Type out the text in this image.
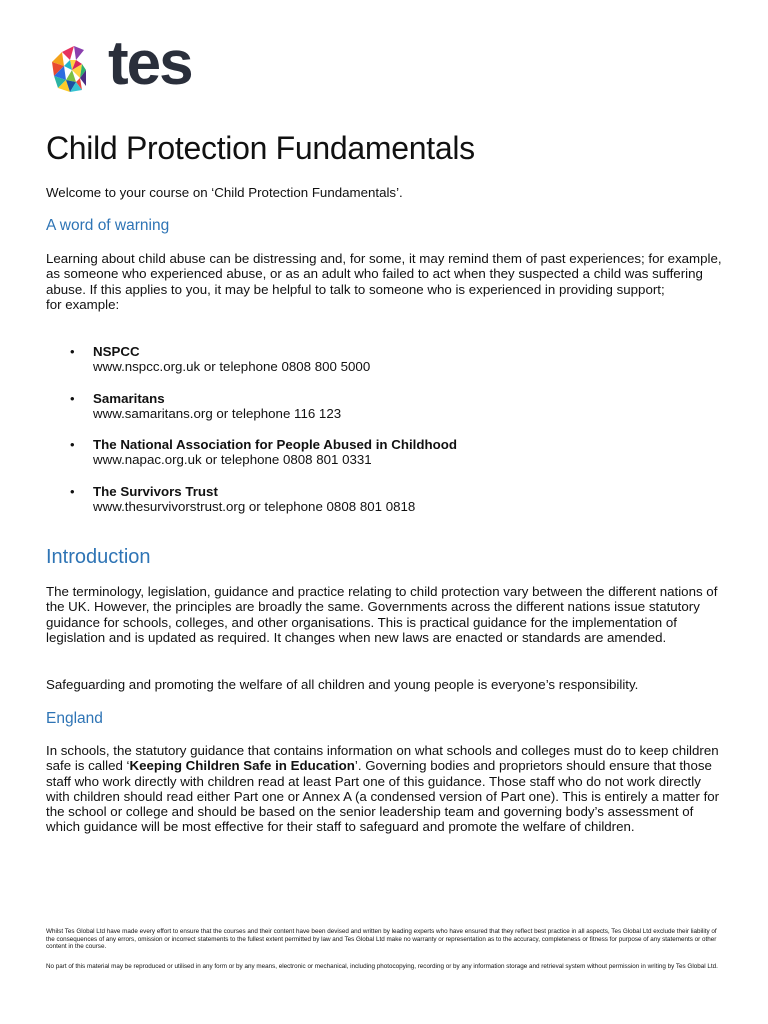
tes
Child Protection Fundamentals

Welcome to your course on ‘Child Protection Fundamentals’.

A word of warning

Learning about child abuse can be distressing and, for some, it may remind them of past experiences; for example, as someone who experienced abuse, or as an adult who failed to act when they suspected a child was suffering abuse. If this applies to you, it may be helpful to talk to someone who is experienced in providing support;
for example:

• NSPCC
www.nspcc.org.uk or telephone 0808 800 5000
• Samaritans
www.samaritans.org or telephone 116 123
• The National Association for People Abused in Childhood
www.napac.org.uk or telephone 0808 801 0331
• The Survivors Trust
www.thesurvivorstrust.org or telephone 0808 801 0818
Introduction

The terminology, legislation, guidance and practice relating to child protection vary between the different nations of the UK. However, the principles are broadly the same. Governments across the different nations issue statutory guidance for schools, colleges, and other organisations. This is practical guidance for the implementation of legislation and is updated as required. It changes when new laws are enacted or standards are amended.

Safeguarding and promoting the welfare of all children and young people is everyone’s responsibility.

England

In schools, the statutory guidance that contains information on what schools and colleges must do to keep children safe is called ‘Keeping Children Safe in Education’. Governing bodies and proprietors should ensure that those staff who work directly with children read at least Part one of this guidance. Those staff who do not work directly with children should read either Part one or Annex A (a condensed version of Part one). This is entirely a matter for the school or college and should be based on the senior leadership team and governing body’s assessment of which guidance will be most effective for their staff to safeguard and promote the welfare of children.

Whilst Tes Global Ltd have made every effort to ensure that the courses and their content have been devised and written by leading experts who have ensured that they reflect best practice in all aspects, Tes Global Ltd exclude their liability of the consequences of any errors, omission or incorrect statements to the fullest extent permitted by law and Tes Global Ltd make no warranty or representation as to the accuracy, completeness or fitness for purpose of any statements or other content in the course.

No part of this material may be reproduced or utilised in any form or by any means, electronic or mechanical, including photocopying, recording or by any information storage and retrieval system without permission in writing by Tes Global Ltd.
